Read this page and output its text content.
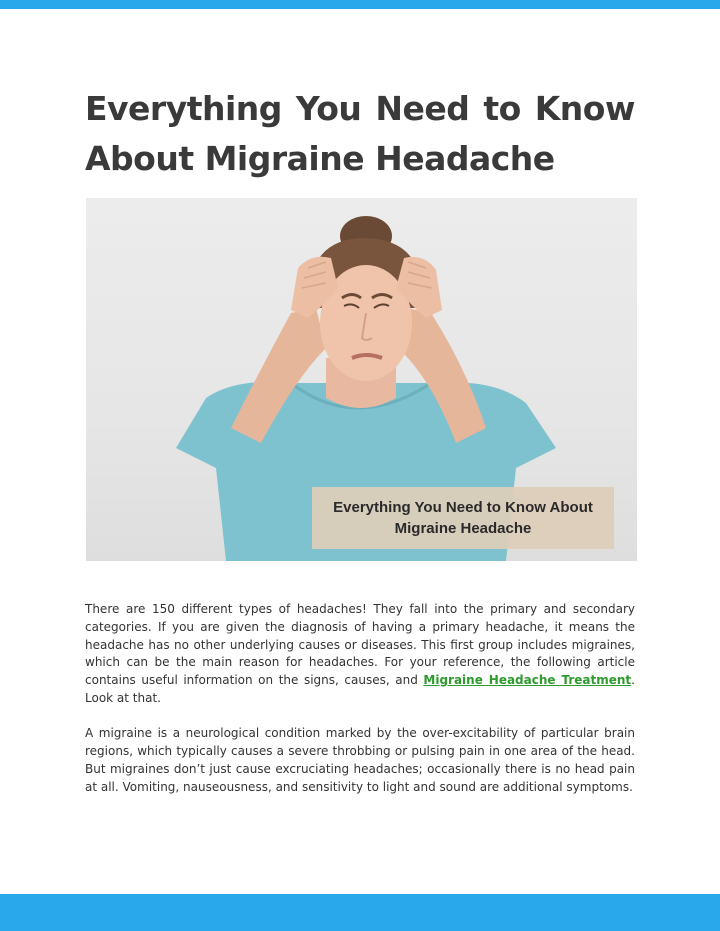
Everything You Need to Know
About Migraine Headache
Everything You Need to Know About
Migraine Headache

There are 150 different types of headaches! They fall into the primary and secondary categories. If you are given the diagnosis of having a primary headache, it means the headache has no other underlying causes or diseases. This first group includes migraines, which can be the main reason for headaches. For your reference, the following article contains useful information on the signs, causes, and Migraine Headache Treatment. Look at that.

A migraine is a neurological condition marked by the over-excitability of particular brain regions, which typically causes a severe throbbing or pulsing pain in one area of the head. But migraines don’t just cause excruciating headaches; occasionally there is no head pain at all. Vomiting, nauseousness, and sensitivity to light and sound are additional symptoms.
